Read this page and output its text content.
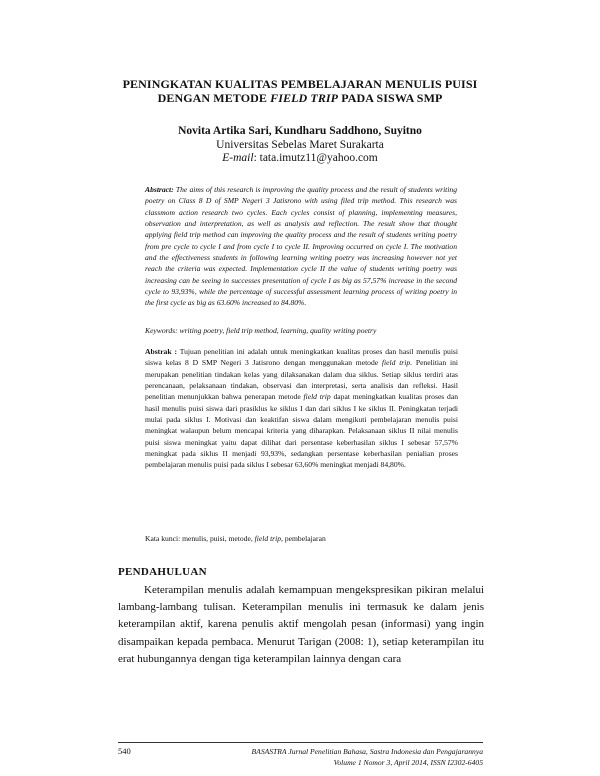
PENINGKATAN KUALITAS PEMBELAJARAN MENULIS PUISI
DENGAN METODE FIELD TRIP PADA SISWA SMP
Novita Artika Sari, Kundharu Saddhono, Suyitno
Universitas Sebelas Maret Surakarta
E-mail: tata.imutz11@yahoo.com
Abstract: The aims of this research is improving the quality process and the result of students writing poetry on Class 8 D of SMP Negeri 3 Jatisrono with using filed trip method. This research was classmom action research two cycles. Each cycles consist of planning, implementing measures, observation and interpretation, as well as analysis and reflection. The result show that thought applying field trip method can improving the quality process and the result of students writing poetry from pre cycle to cycle I and from cycle I to cycle II. Improving occurred on cycle I. The motivation and the effectiveness students in following learning writing poetry was increasing however not yet reach the criteria was expected. Implementation cycle II the value of students writing poetry was increasing can be seeing in successes presentation of cycle I as big as 57,57% increase in the second cycle to 93,93%, while the percentage of successful assessment learning process of writing poetry in the first cycle as big as 63.60% increased to 84.80%.
Keywords: writing poetry, field trip method, learning, quality writing poetry
Abstrak : Tujuan penelitian ini adalah untuk meningkatkan kualitas proses dan hasil menulis puisi siswa kelas 8 D SMP Negeri 3 Jatisrono dengan menggunakan metode field trip. Penelitian ini merupakan penelitian tindakan kelas yang dilaksanakan dalam dua siklus. Setiap siklus terdiri atas perencanaan, pelaksanaan tindakan, observasi dan interpretasi, serta analisis dan refleksi. Hasil penelitian menunjukkan bahwa penerapan metode field trip dapat meningkatkan kualitas proses dan hasil menulis puisi siswa dari prasiklus ke siklus I dan dari siklus I ke siklus II. Peningkatan terjadi mulai pada siklus I. Motivasi dan keaktifan siswa dalam mengikuti pembelajaran menulis puisi meningkat walaupun belum mencapai kriteria yang diharapkan. Pelaksanaan siklus II nilai menulis puisi siswa meningkat yaitu dapat dilihat dari persentase keberhasilan siklus I sebesar 57,57% meningkat pada siklus II menjadi 93,93%, sedangkan persentase keberhasilan penialian proses pembelajaran menulis puisi pada siklus I sebesar 63,60% meningkat menjadi 84,80%.
Kata kunci: menulis, puisi, metode, field trip, pembelajaran
PENDAHULUAN

Keterampilan menulis adalah kemampuan mengekspresikan pikiran melalui lambang-lambang tulisan. Keterampilan menulis ini termasuk ke dalam jenis keterampilan aktif, karena penulis aktif mengolah pesan (informasi) yang ingin disampaikan kepada pembaca. Menurut Tarigan (2008: 1), setiap keterampilan itu erat hubungannya dengan tiga keterampilan lainnya dengan cara

540	BASASTRA Jurnal Penelitian Bahasa, Sastra Indonesia dan Pengajarannya
Volume 1 Nomor 3, April 2014, ISSN I2302-6405
